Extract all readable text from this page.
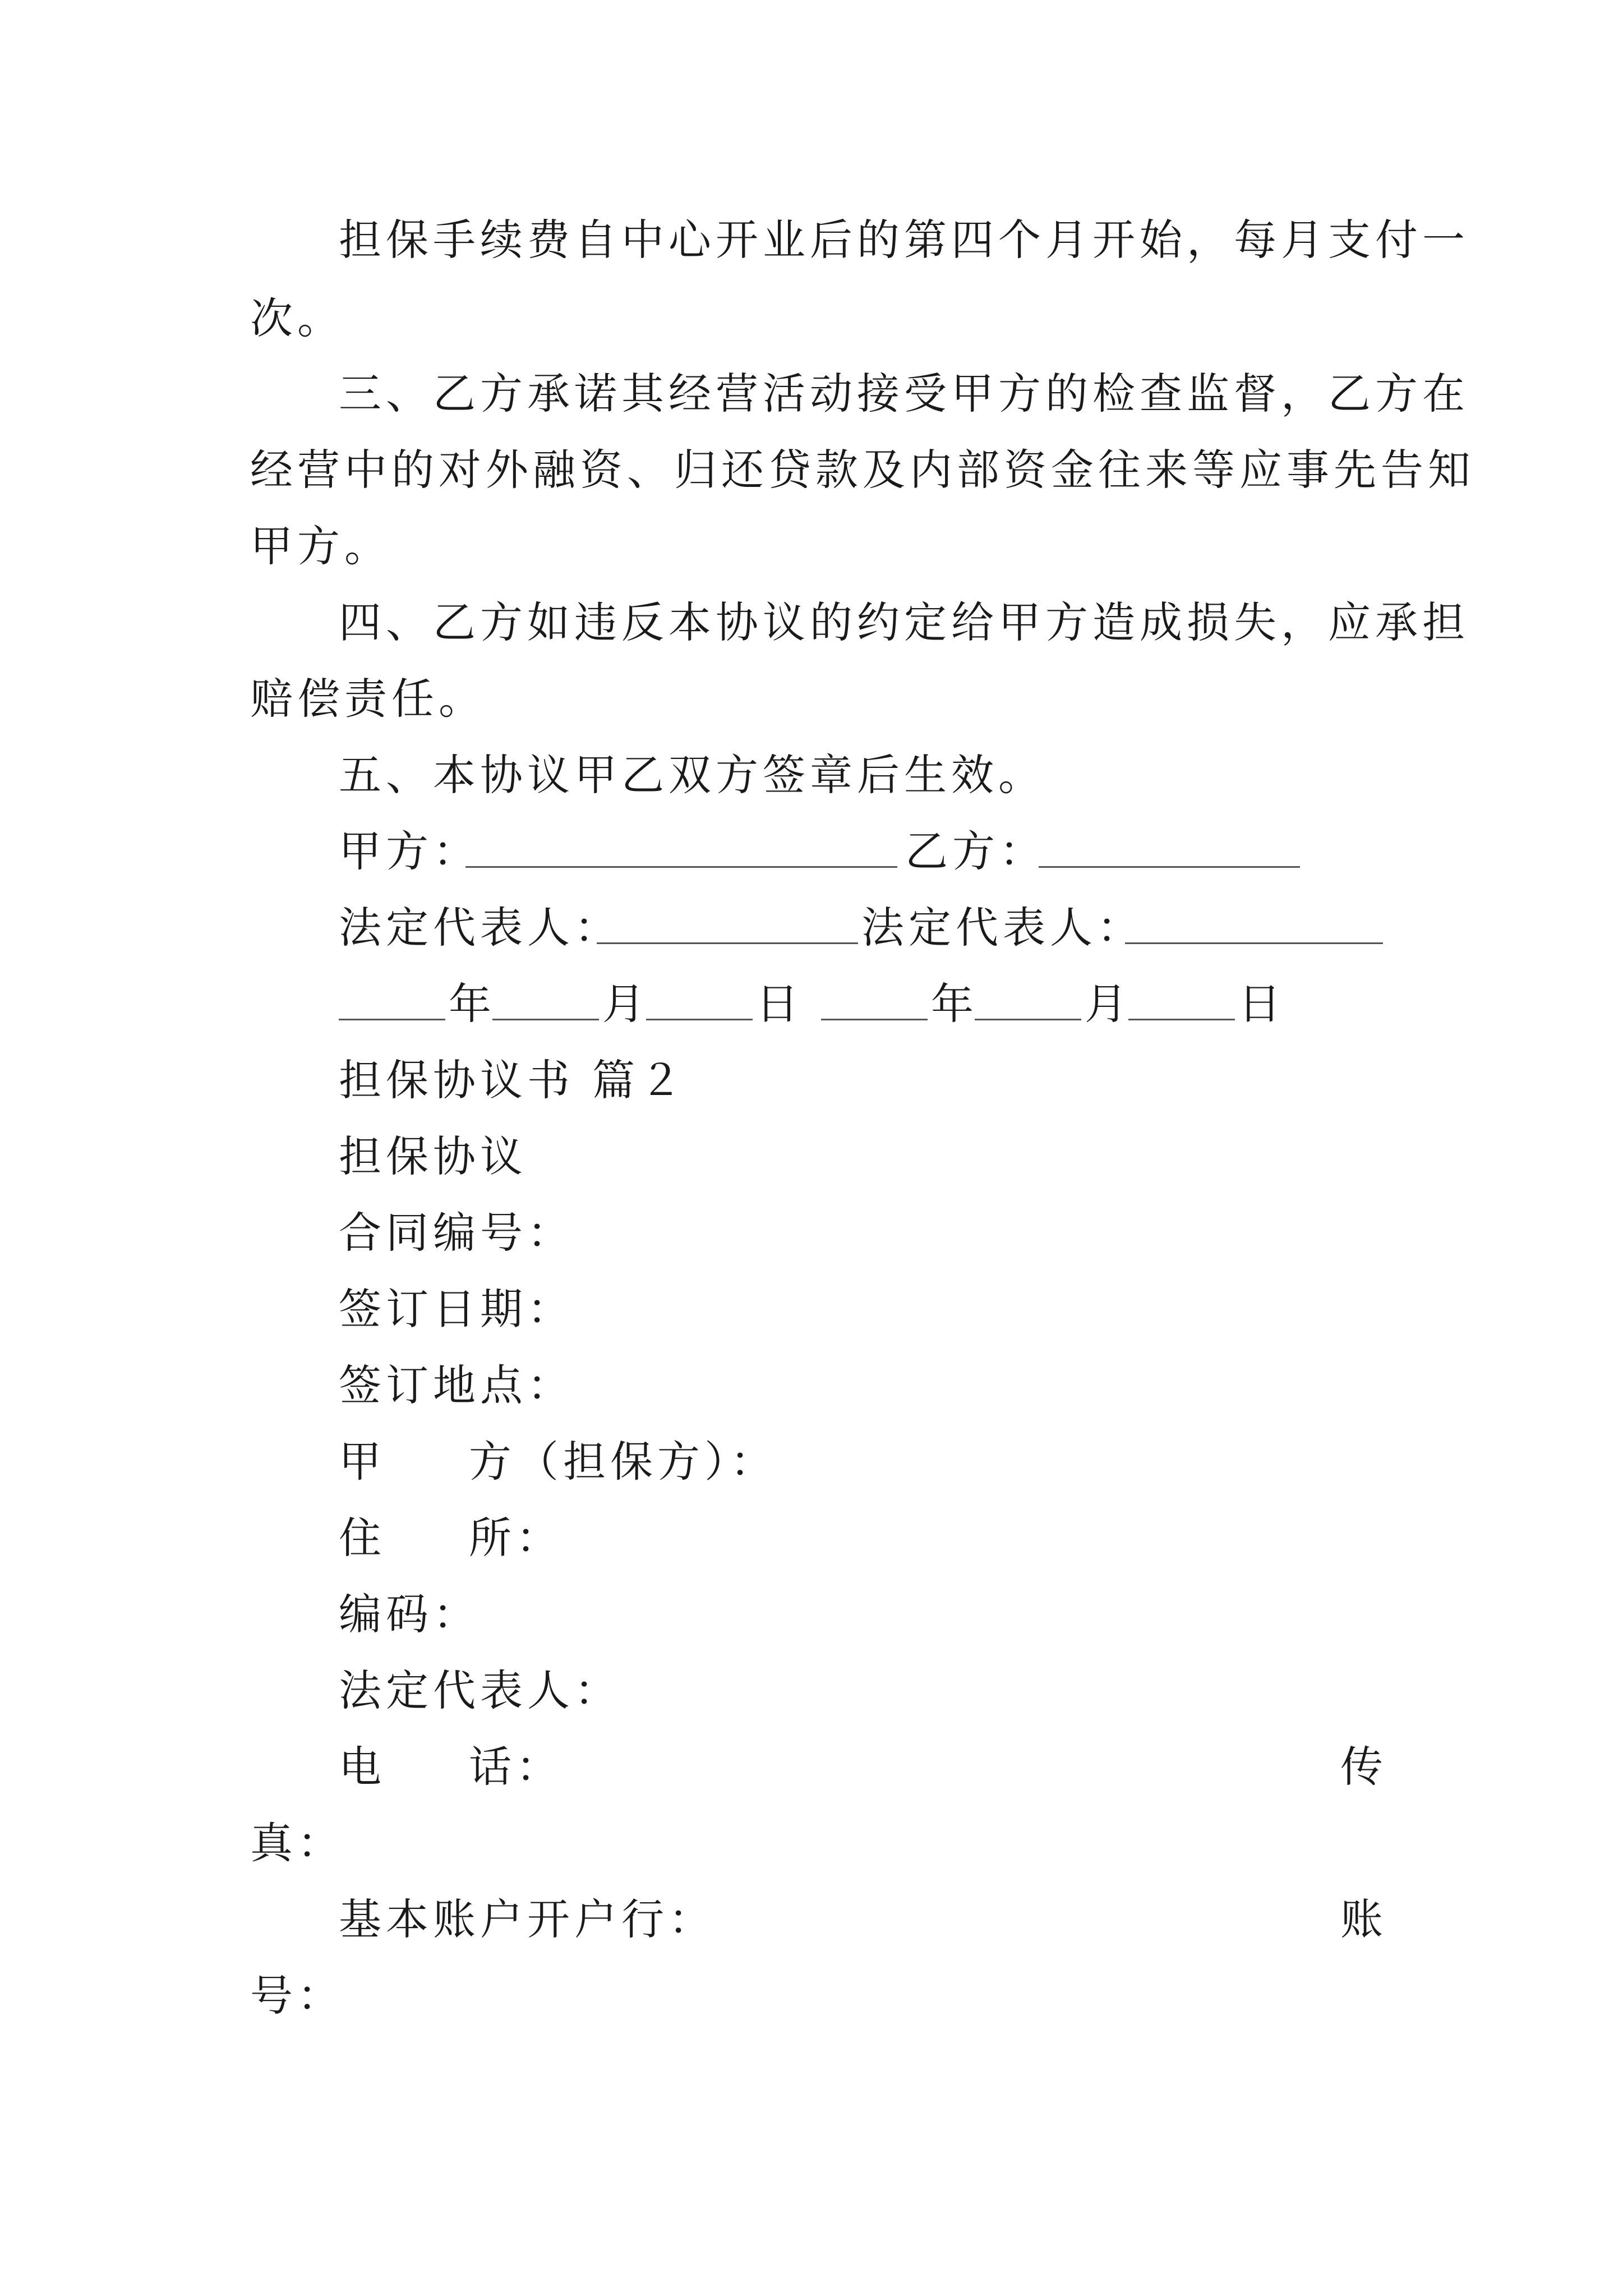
担保手续费自中心开业后的第四个月开始，每月支付一
次。
三、乙方承诺其经营活动接受甲方的检查监督，乙方在
经营中的对外融资、归还贷款及内部资金往来等应事先告知
甲方。
四、乙方如违反本协议的约定给甲方造成损失，应承担
赔偿责任。
五、本协议甲乙双方签章后生效。
甲方：	乙方：
法定代表人：	法定代表人：
年	月	日	年	月	日
担保协议书 篇２
担保协议
合同编号：
签订日期：
签订地点：
甲 方（担保方）：
住 所：
编码：
法定代表人：
电 话：	传
真：
基本账户开户行：	账
号：
